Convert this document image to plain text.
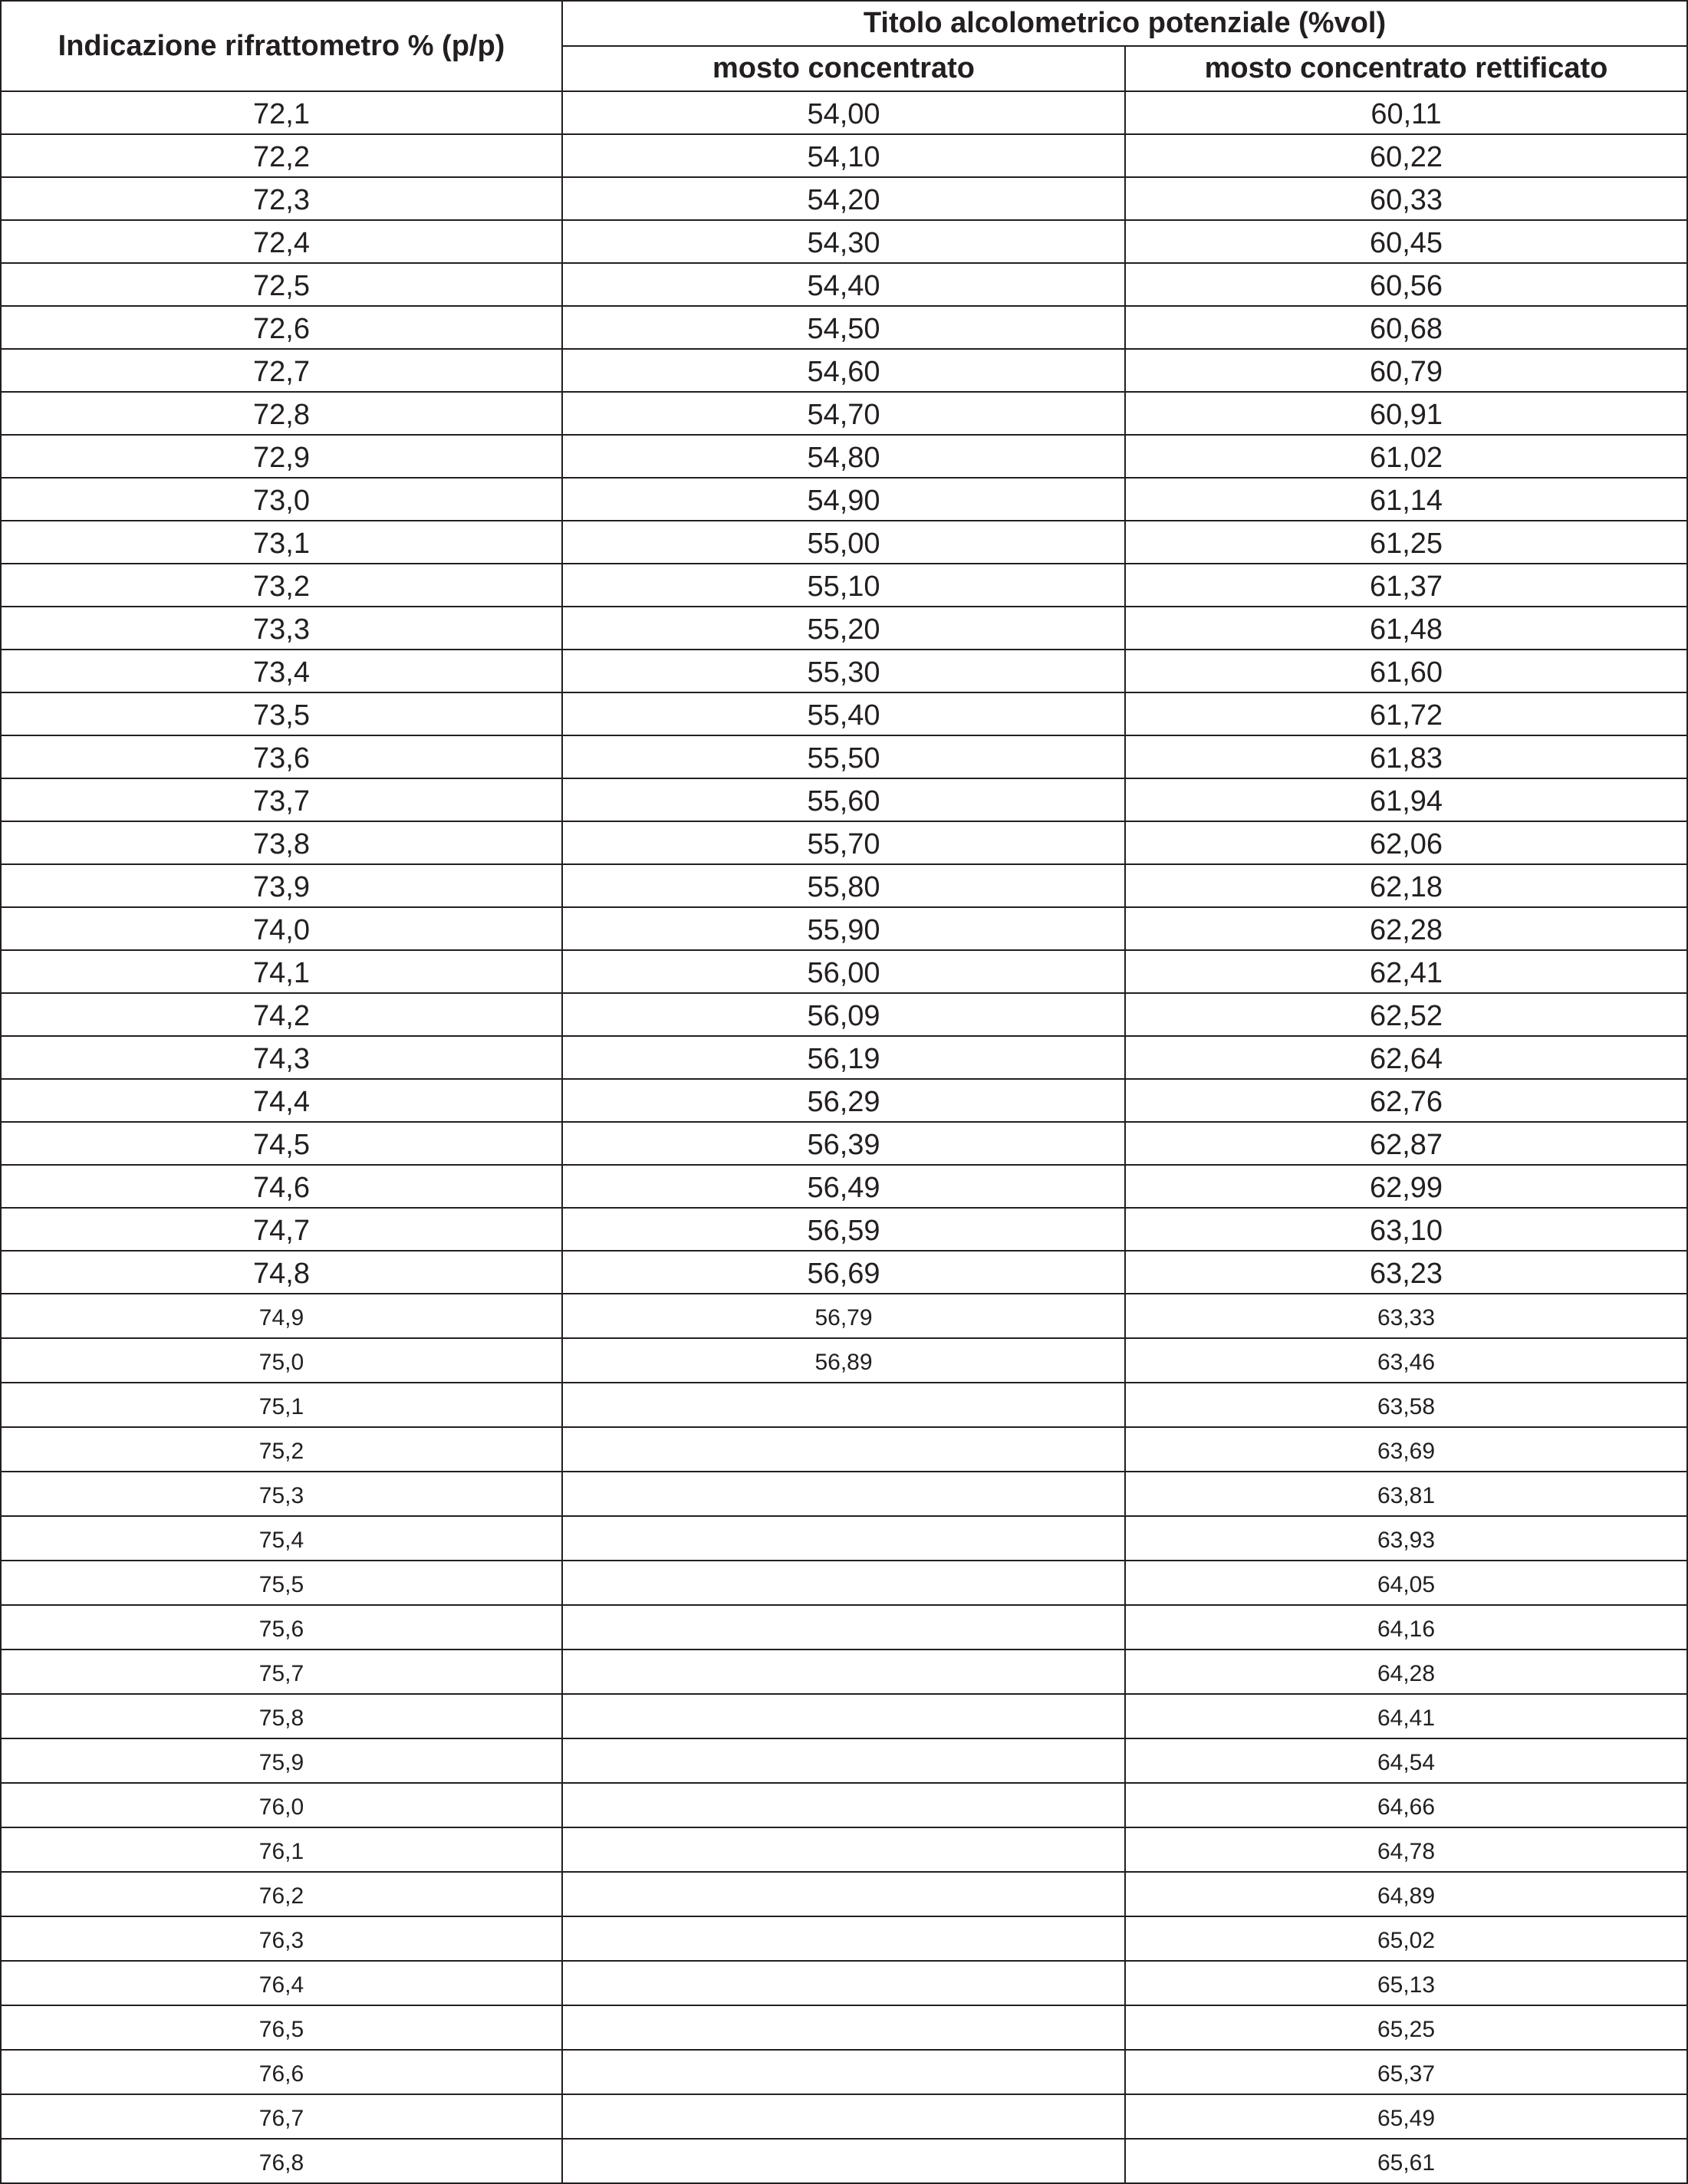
Indicazione rifrattometro % (p/p)	Titolo alcolometrico potenziale (%vol)	
	mosto concentrato	mosto concentrato rettificato
72,1	54,00	60,11
72,2	54,10	60,22
72,3	54,20	60,33
72,4	54,30	60,45
72,5	54,40	60,56
72,6	54,50	60,68
72,7	54,60	60,79
72,8	54,70	60,91
72,9	54,80	61,02
73,0	54,90	61,14
73,1	55,00	61,25
73,2	55,10	61,37
73,3	55,20	61,48
73,4	55,30	61,60
73,5	55,40	61,72
73,6	55,50	61,83
73,7	55,60	61,94
73,8	55,70	62,06
73,9	55,80	62,18
74,0	55,90	62,28
74,1	56,00	62,41
74,2	56,09	62,52
74,3	56,19	62,64
74,4	56,29	62,76
74,5	56,39	62,87
74,6	56,49	62,99
74,7	56,59	63,10
74,8	56,69	63,23
74,9	56,79	63,33
75,0	56,89	63,46
75,1		63,58
75,2		63,69
75,3		63,81
75,4		63,93
75,5		64,05
75,6		64,16
75,7		64,28
75,8		64,41
75,9		64,54
76,0		64,66
76,1		64,78
76,2		64,89
76,3		65,02
76,4		65,13
76,5		65,25
76,6		65,37
76,7		65,49
76,8		65,61
